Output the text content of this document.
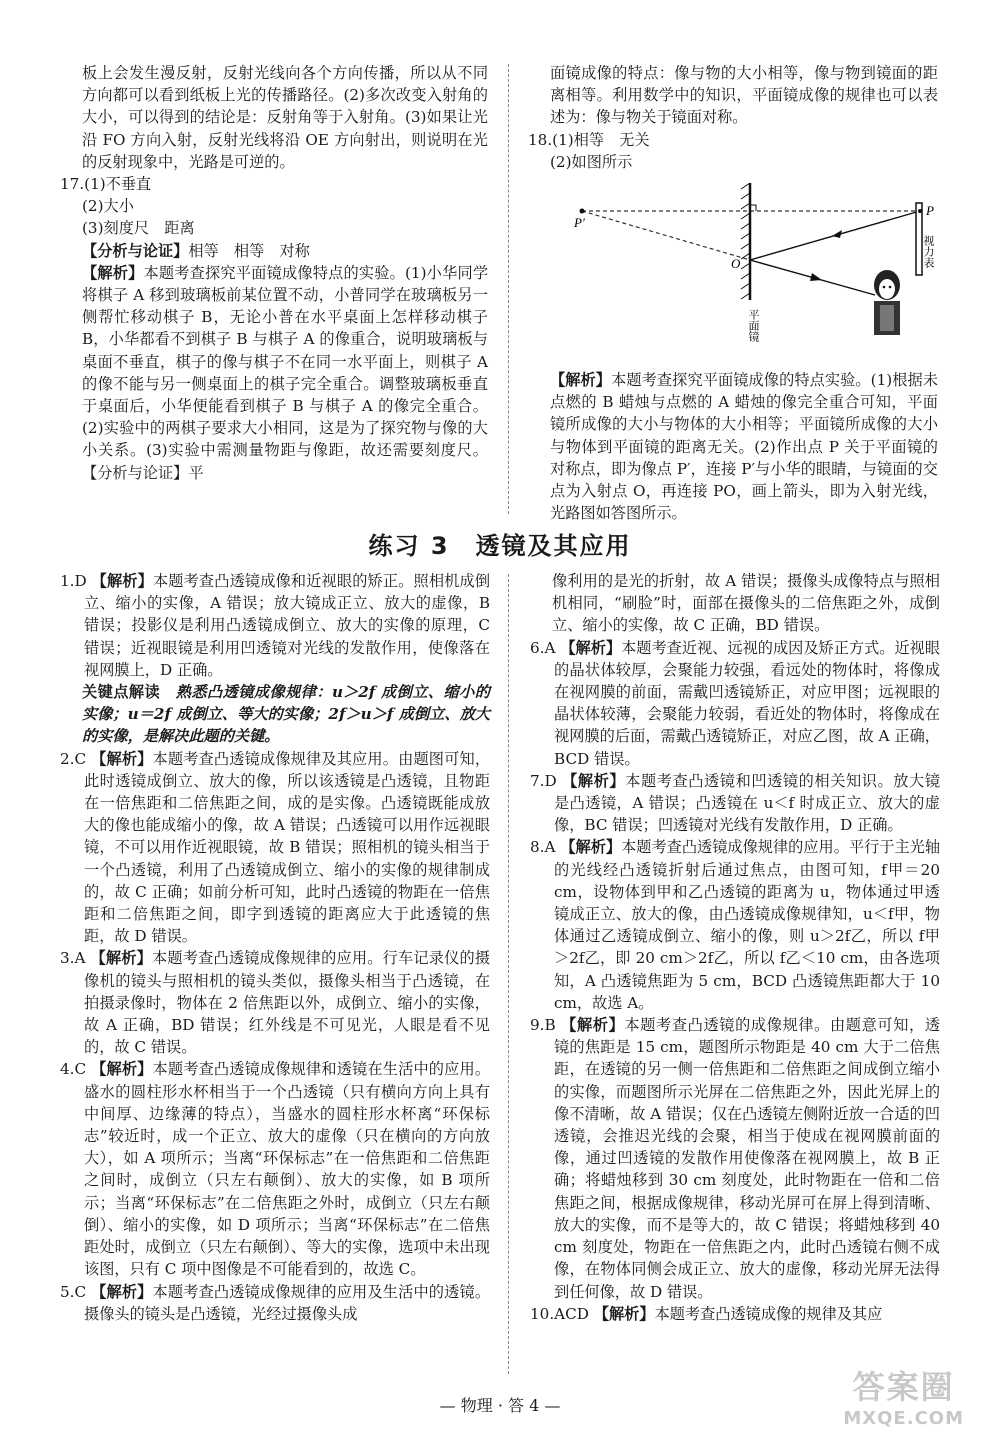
板上会发生漫反射，反射光线向各个方向传播，所以从不同方向都可以看到纸板上光的传播路径。(2)多次改变入射角的大小，可以得到的结论是：反射角等于入射角。(3)如果让光沿 FO 方向入射，反射光线将沿 OE 方向射出，则说明在光的反射现象中，光路是可逆的。

17.(1)不垂直

(2)大小

(3)刻度尺　距离

【分析与论证】相等　相等　对称

【解析】本题考查探究平面镜成像特点的实验。(1)小华同学将棋子 A 移到玻璃板前某位置不动，小普同学在玻璃板另一侧帮忙移动棋子 B，无论小普在水平桌面上怎样移动棋子 B，小华都看不到棋子 B 与棋子 A 的像重合，说明玻璃板与桌面不垂直，棋子的像与棋子不在同一水平面上，则棋子 A 的像不能与另一侧桌面上的棋子完全重合。调整玻璃板垂直于桌面后，小华便能看到棋子 B 与棋子 A 的像完全重合。(2)实验中的两棋子要求大小相同，这是为了探究物与像的大小关系。(3)实验中需测量物距与像距，故还需要刻度尺。【分析与论证】平

面镜成像的特点：像与物的大小相等，像与物到镜面的距离相等。利用数学中的知识，平面镜成像的规律也可以表述为：像与物关于镜面对称。

18.(1)相等　无关

(2)如图所示

【解析】本题考查探究平面镜成像的特点实验。(1)根据未点燃的 B 蜡烛与点燃的 A 蜡烛的像完全重合可知，平面镜所成像的大小与物体的大小相等；平面镜所成像的大小与物体到平面镜的距离无关。(2)作出点 P 关于平面镜的对称点，即为像点 P′，连接 P′与小华的眼睛，与镜面的交点为入射点 O，再连接 PO，画上箭头，即为入射光线，光路图如答图所示。

P′
P
视力表
O
平面镜
练习 3　透镜及其应用

1.D 【解析】本题考查凸透镜成像和近视眼的矫正。照相机成倒立、缩小的实像，A 错误；放大镜成正立、放大的虚像，B 错误；投影仪是利用凸透镜成倒立、放大的实像的原理，C 错误；近视眼镜是利用凹透镜对光线的发散作用，使像落在视网膜上，D 正确。

关键点解读　 熟悉凸透镜成像规律：u＞2f 成倒立、缩小的实像；u＝2f 成倒立、等大的实像；2f＞u＞f 成倒立、放大的实像，是解决此题的关键。

2.C 【解析】本题考查凸透镜成像规律及其应用。由题图可知，此时透镜成倒立、放大的像，所以该透镜是凸透镜，且物距在一倍焦距和二倍焦距之间，成的是实像。凸透镜既能成放大的像也能成缩小的像，故 A 错误；凸透镜可以用作远视眼镜，不可以用作近视眼镜，故 B 错误；照相机的镜头相当于一个凸透镜，利用了凸透镜成倒立、缩小的实像的规律制成的，故 C 正确；如前分析可知，此时凸透镜的物距在一倍焦距和二倍焦距之间，即字到透镜的距离应大于此透镜的焦距，故 D 错误。

3.A 【解析】本题考查凸透镜成像规律的应用。行车记录仪的摄像机的镜头与照相机的镜头类似，摄像头相当于凸透镜，在拍摄录像时，物体在 2 倍焦距以外，成倒立、缩小的实像，故 A 正确，BD 错误；红外线是不可见光，人眼是看不见的，故 C 错误。

4.C 【解析】本题考查凸透镜成像规律和透镜在生活中的应用。盛水的圆柱形水杯相当于一个凸透镜（只有横向方向上具有中间厚、边缘薄的特点），当盛水的圆柱形水杯离“环保标志”较近时，成一个正立、放大的虚像（只在横向的方向放大），如 A 项所示；当离“环保标志”在一倍焦距和二倍焦距之间时，成倒立（只左右颠倒）、放大的实像，如 B 项所示；当离“环保标志”在二倍焦距之外时，成倒立（只左右颠倒）、缩小的实像，如 D 项所示；当离“环保标志”在二倍焦距处时，成倒立（只左右颠倒）、等大的实像，选项中未出现该图，只有 C 项中图像是不可能看到的，故选 C。

5.C 【解析】本题考查凸透镜成像规律的应用及生活中的透镜。摄像头的镜头是凸透镜，光经过摄像头成

像利用的是光的折射，故 A 错误；摄像头成像特点与照相机相同，“刷脸”时，面部在摄像头的二倍焦距之外，成倒立、缩小的实像，故 C 正确，BD 错误。

6.A 【解析】本题考查近视、远视的成因及矫正方式。近视眼的晶状体较厚，会聚能力较强，看远处的物体时，将像成在视网膜的前面，需戴凹透镜矫正，对应甲图；远视眼的晶状体较薄，会聚能力较弱，看近处的物体时，将像成在视网膜的后面，需戴凸透镜矫正，对应乙图，故 A 正确，BCD 错误。

7.D 【解析】本题考查凸透镜和凹透镜的相关知识。放大镜是凸透镜，A 错误；凸透镜在 u＜f 时成正立、放大的虚像，BC 错误；凹透镜对光线有发散作用，D 正确。

8.A 【解析】本题考查凸透镜成像规律的应用。平行于主光轴的光线经凸透镜折射后通过焦点，由图可知，f甲＝20 cm，设物体到甲和乙凸透镜的距离为 u，物体通过甲透镜成正立、放大的像，由凸透镜成像规律知，u＜f甲，物体通过乙透镜成倒立、缩小的像，则 u＞2f乙，所以 f甲＞2f乙，即 20 cm＞2f乙，所以 f乙＜10 cm，由各选项知，A 凸透镜焦距为 5 cm，BCD 凸透镜焦距都大于 10 cm，故选 A。

9.B 【解析】本题考查凸透镜的成像规律。由题意可知，透镜的焦距是 15 cm，题图所示物距是 40 cm 大于二倍焦距，在透镜的另一侧一倍焦距和二倍焦距之间成倒立缩小的实像，而题图所示光屏在二倍焦距之外，因此光屏上的像不清晰，故 A 错误；仅在凸透镜左侧附近放一合适的凹透镜，会推迟光线的会聚，相当于使成在视网膜前面的像，通过凹透镜的发散作用使像落在视网膜上，故 B 正确；将蜡烛移到 30 cm 刻度处，此时物距在一倍和二倍焦距之间，根据成像规律，移动光屏可在屏上得到清晰、放大的实像，而不是等大的，故 C 错误；将蜡烛移到 40 cm 刻度处，物距在一倍焦距之内，此时凸透镜右侧不成像，在物体同侧会成正立、放大的虚像，移动光屏无法得到任何像，故 D 错误。

10.ACD 【解析】本题考查凸透镜成像的规律及其应

— 物理 · 答 4 —	答案圈
MXQE.COM
